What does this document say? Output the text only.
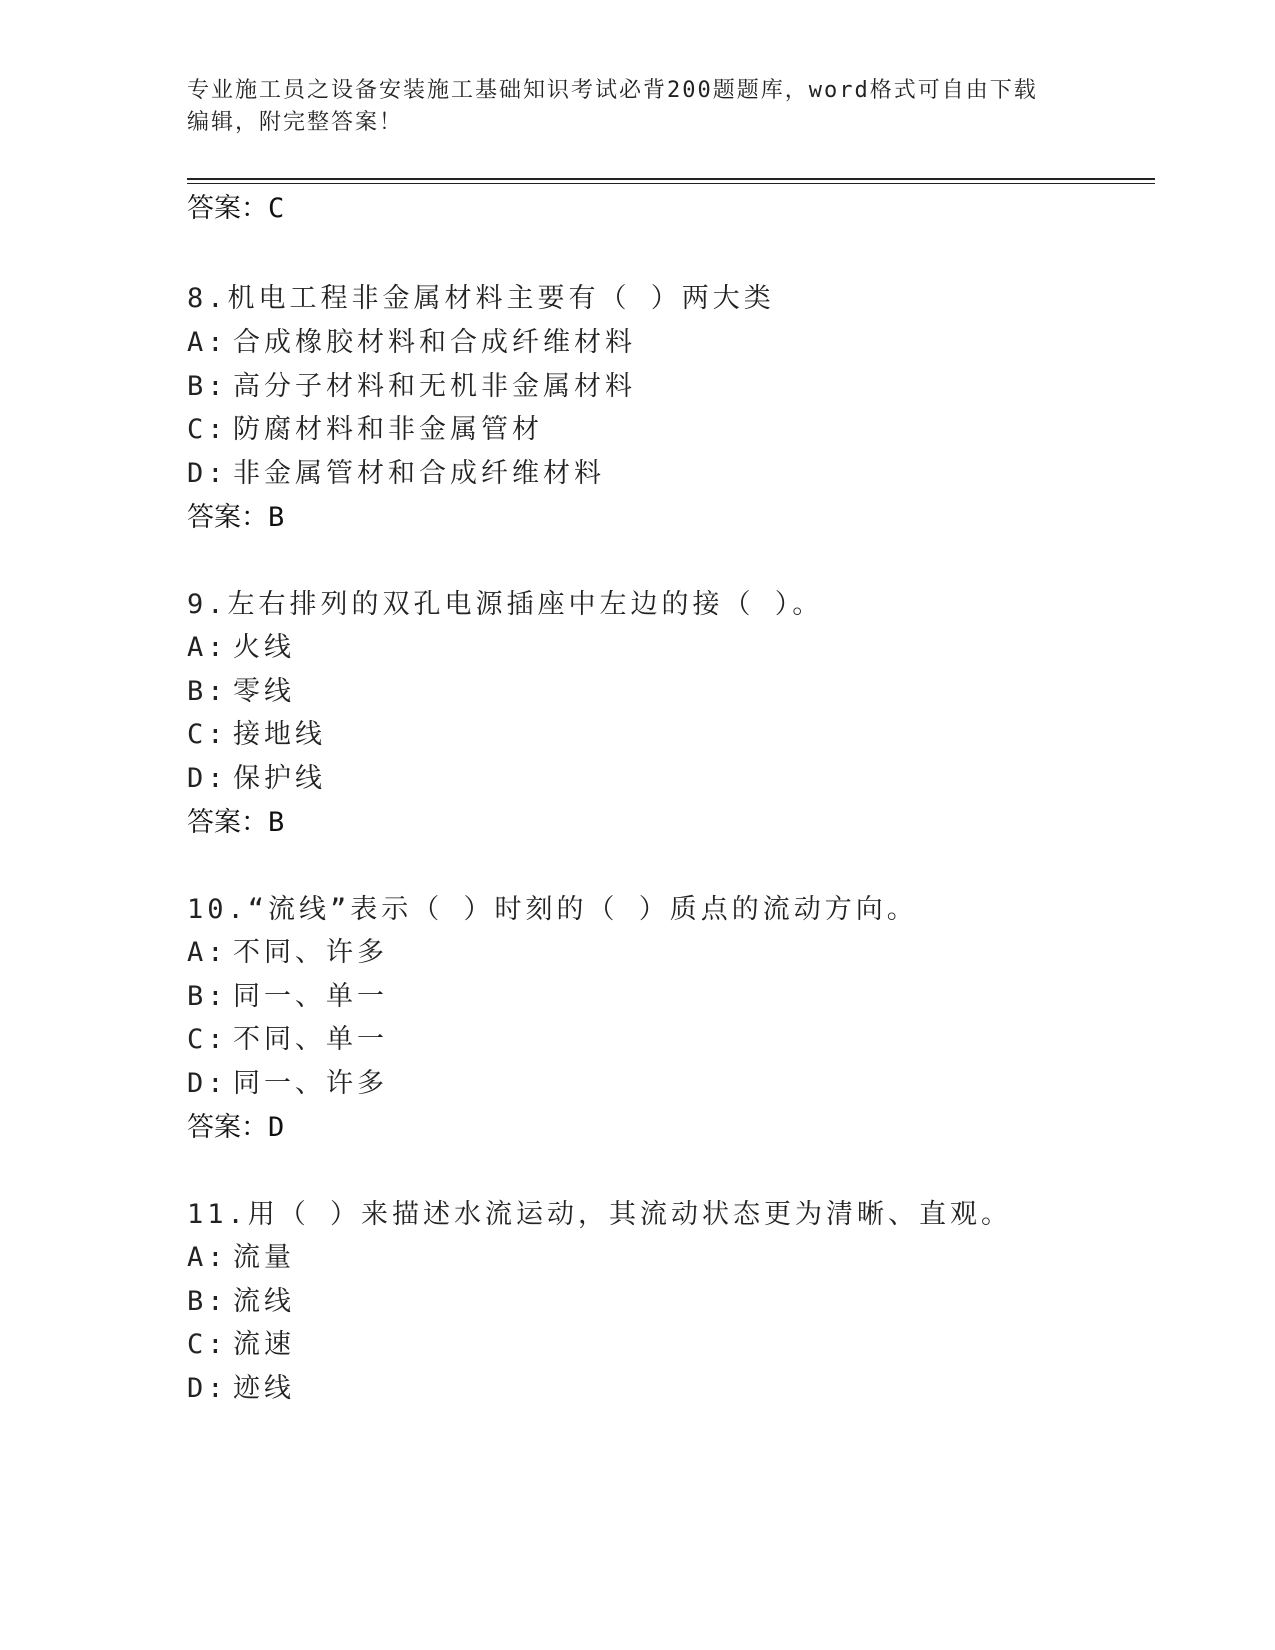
专业施工员之设备安装施工基础知识考试必背200题题库，word格式可自由下载
编辑，附完整答案！
答案：C
8.机电工程非金属材料主要有（ ）两大类
A: 合成橡胶材料和合成纤维材料
B: 高分子材料和无机非金属材料
C: 防腐材料和非金属管材
D: 非金属管材和合成纤维材料
答案：B
9.左右排列的双孔电源插座中左边的接（ ）。
A: 火线
B: 零线
C: 接地线
D: 保护线
答案：B
10.“流线”表示（ ）时刻的（ ）质点的流动方向。
A: 不同、许多
B: 同一、单一
C: 不同、单一
D: 同一、许多
答案：D
11.用（ ）来描述水流运动，其流动状态更为清晰、直观。
A: 流量
B: 流线
C: 流速
D: 迹线
